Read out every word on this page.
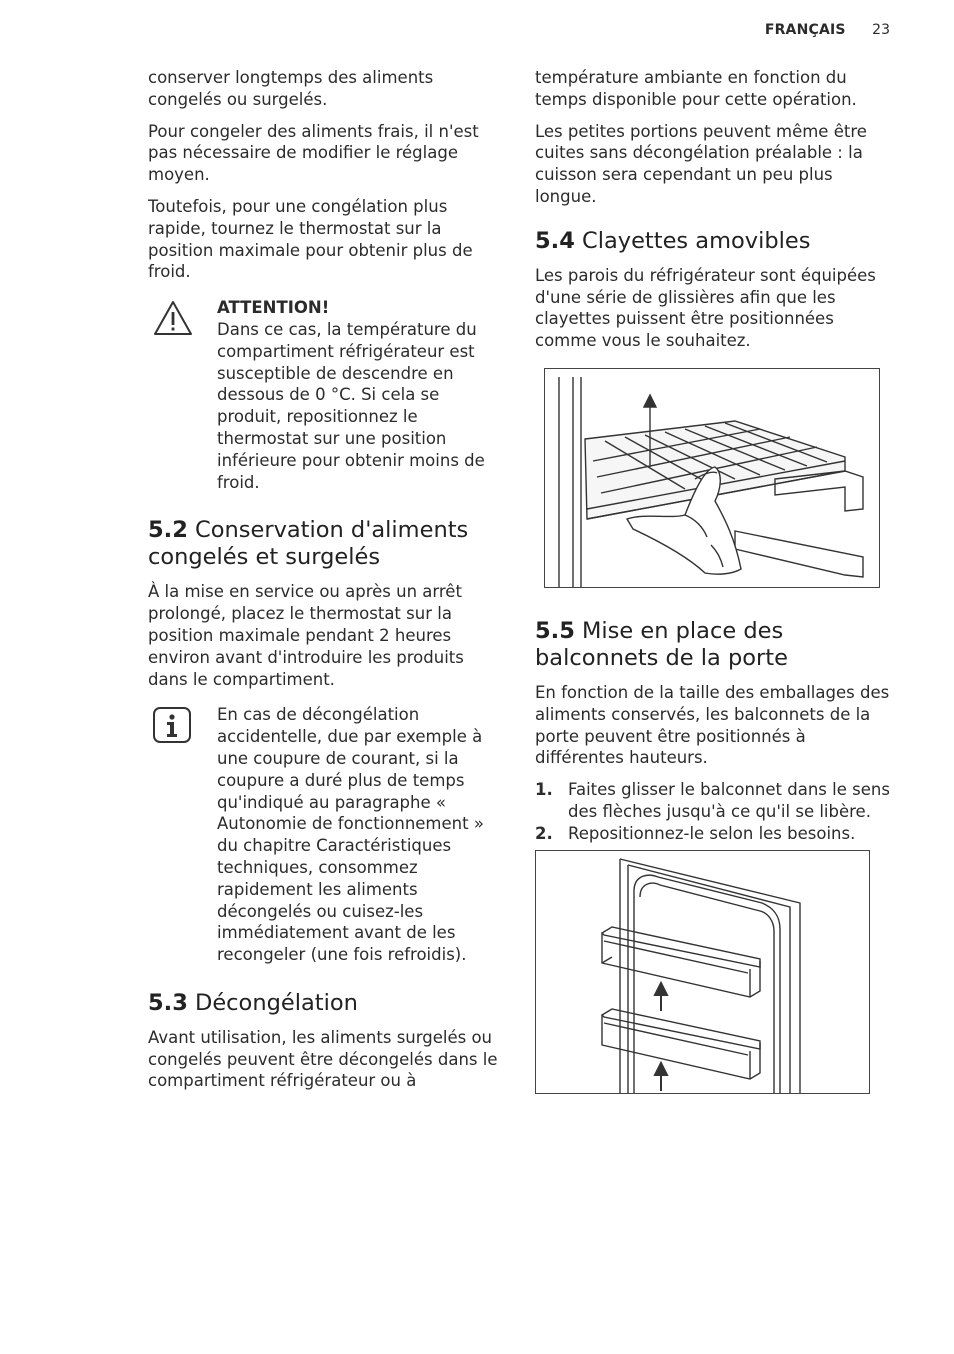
FRANÇAIS 23

conserver longtemps des aliments congelés ou surgelés.

Pour congeler des aliments frais, il n'est pas nécessaire de modifier le réglage moyen.

Toutefois, pour une congélation plus rapide, tournez le thermostat sur la position maximale pour obtenir plus de froid.

ATTENTION!
Dans ce cas, la température du compartiment réfrigérateur est susceptible de descendre en dessous de 0 °C. Si cela se produit, repositionnez le thermostat sur une position inférieure pour obtenir moins de froid.

5.2 Conservation d'aliments congelés et surgelés

À la mise en service ou après un arrêt prolongé, placez le thermostat sur la position maximale pendant 2 heures environ avant d'introduire les produits dans le compartiment.

En cas de décongélation accidentelle, due par exemple à une coupure de courant, si la coupure a duré plus de temps qu'indiqué au paragraphe « Autonomie de fonctionnement » du chapitre Caractéristiques techniques, consommez rapidement les aliments décongelés ou cuisez-les immédiatement avant de les recongeler (une fois refroidis).

5.3 Décongélation

Avant utilisation, les aliments surgelés ou congelés peuvent être décongelés dans le compartiment réfrigérateur ou à

température ambiante en fonction du temps disponible pour cette opération.

Les petites portions peuvent même être cuites sans décongélation préalable : la cuisson sera cependant un peu plus longue.

5.4 Clayettes amovibles

Les parois du réfrigérateur sont équipées d'une série de glissières afin que les clayettes puissent être positionnées comme vous le souhaitez.

5.5 Mise en place des balconnets de la porte

En fonction de la taille des emballages des aliments conservés, les balconnets de la porte peuvent être positionnés à différentes hauteurs.

1. Faites glisser le balconnet dans le sens des flèches jusqu'à ce qu'il se libère.
2. Repositionnez-le selon les besoins.
